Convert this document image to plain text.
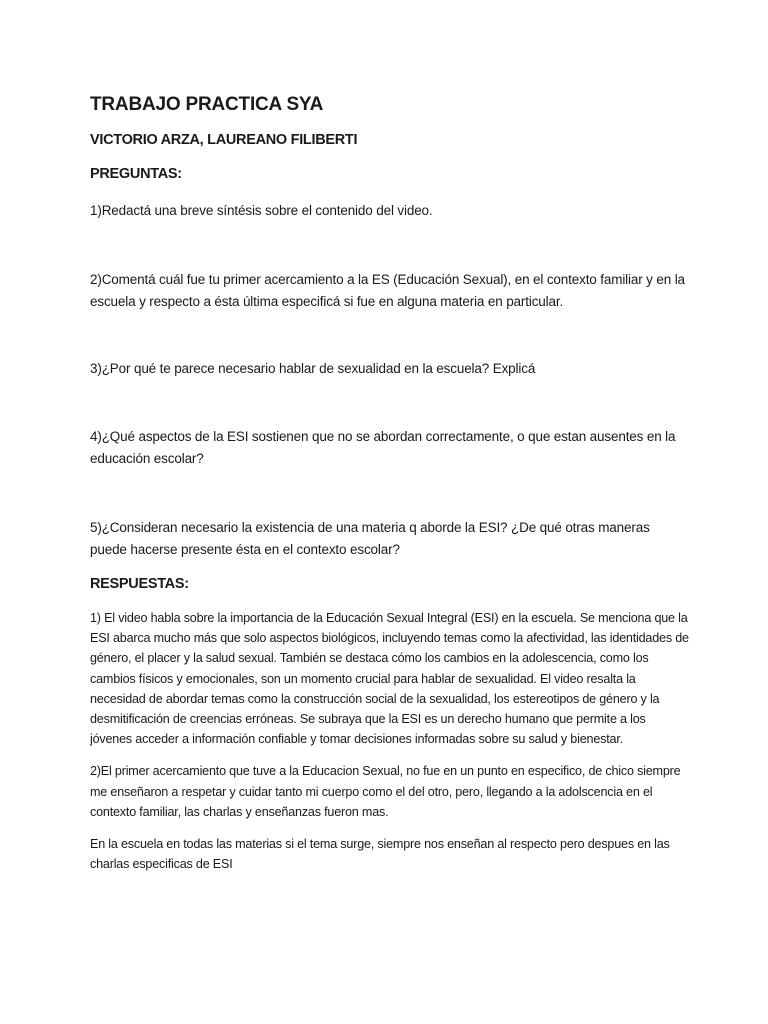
TRABAJO PRACTICA SYA

VICTORIO ARZA, LAUREANO FILIBERTI

PREGUNTAS:

1)Redactá una breve síntésis sobre el contenido del video.

2)Comentá cuál fue tu primer acercamiento a la ES (Educación Sexual), en el contexto familiar y en la escuela y respecto a ésta última especificá si fue en alguna materia en particular.

3)¿Por qué te parece necesario hablar de sexualidad en la escuela? Explicá

4)¿Qué aspectos de la ESI sostienen que no se abordan correctamente, o que estan ausentes en la educación escolar?

5)¿Consideran necesario la existencia de una materia q aborde la ESI? ¿De qué otras maneras puede hacerse presente ésta en el contexto escolar?

RESPUESTAS:

1) El video habla sobre la importancia de la Educación Sexual Integral (ESI) en la escuela. Se menciona que la ESI abarca mucho más que solo aspectos biológicos, incluyendo temas como la afectividad, las identidades de género, el placer y la salud sexual. También se destaca cómo los cambios en la adolescencia, como los cambios físicos y emocionales, son un momento crucial para hablar de sexualidad. El video resalta la necesidad de abordar temas como la construcción social de la sexualidad, los estereotipos de género y la desmitificación de creencias erróneas. Se subraya que la ESI es un derecho humano que permite a los jóvenes acceder a información confiable y tomar decisiones informadas sobre su salud y bienestar.

2)El primer acercamiento que tuve a la Educacion Sexual, no fue en un punto en especifico, de chico siempre me enseñaron a respetar y cuidar tanto mi cuerpo como el del otro, pero, llegando a la adolscencia en el contexto familiar, las charlas y enseñanzas fueron mas.

En la escuela en todas las materias si el tema surge, siempre nos enseñan al respecto pero despues en las charlas especificas de ESI
